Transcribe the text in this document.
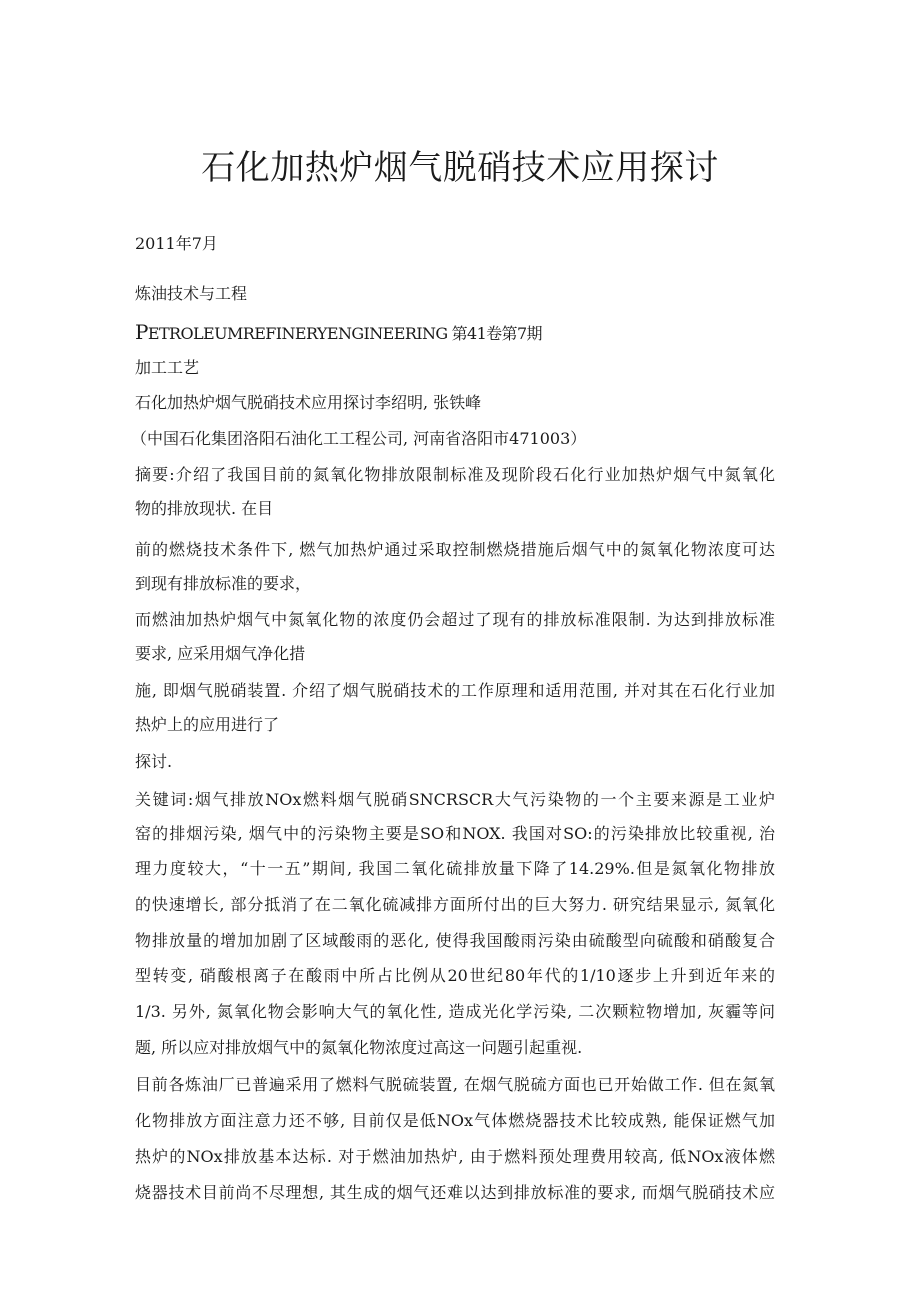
石化加热炉烟气脱硝技术应用探讨
2011年7月
炼油技术与工程
PETROLEUMREFINERYENGINEERING 第41卷第7期
加工工艺
石化加热炉烟气脱硝技术应用探讨李绍明, 张铁峰
（中国石化集团洛阳石油化工工程公司, 河南省洛阳市471003）
摘要:介绍了我国目前的氮氧化物排放限制标准及现阶段石化行业加热炉烟气中氮氧化
物的排放现状. 在目
前的燃烧技术条件下, 燃气加热炉通过采取控制燃烧措施后烟气中的氮氧化物浓度可达
到现有排放标准的要求，
而燃油加热炉烟气中氮氧化物的浓度仍会超过了现有的排放标准限制. 为达到排放标准
要求, 应采用烟气净化措
施, 即烟气脱硝装置. 介绍了烟气脱硝技术的工作原理和适用范围, 并对其在石化行业加
热炉上的应用进行了
探讨.
关键词:烟气排放NOx燃料烟气脱硝SNCRSCR大气污染物的一个主要来源是工业炉
窑的排烟污染, 烟气中的污染物主要是SO和NOX. 我国对SO:的污染排放比较重视, 治
理力度较大，“十一五”期间, 我国二氧化硫排放量下降了14.29%.但是氮氧化物排放
的快速增长, 部分抵消了在二氧化硫减排方面所付出的巨大努力. 研究结果显示, 氮氧化
物排放量的增加加剧了区域酸雨的恶化, 使得我国酸雨污染由硫酸型向硫酸和硝酸复合
型转变, 硝酸根离子在酸雨中所占比例从20世纪80年代的1/10逐步上升到近年来的
1/3. 另外, 氮氧化物会影响大气的氧化性, 造成光化学污染, 二次颗粒物增加, 灰霾等问
题, 所以应对排放烟气中的氮氧化物浓度过高这一问题引起重视.
目前各炼油厂已普遍采用了燃料气脱硫装置, 在烟气脱硫方面也已开始做工作. 但在氮氧
化物排放方面注意力还不够, 目前仅是低NOx气体燃烧器技术比较成熟, 能保证燃气加
热炉的NOx排放基本达标. 对于燃油加热炉, 由于燃料预处理费用较高, 低NOx液体燃
烧器技术目前尚不尽理想, 其生成的烟气还难以达到排放标准的要求, 而烟气脱硝技术应
